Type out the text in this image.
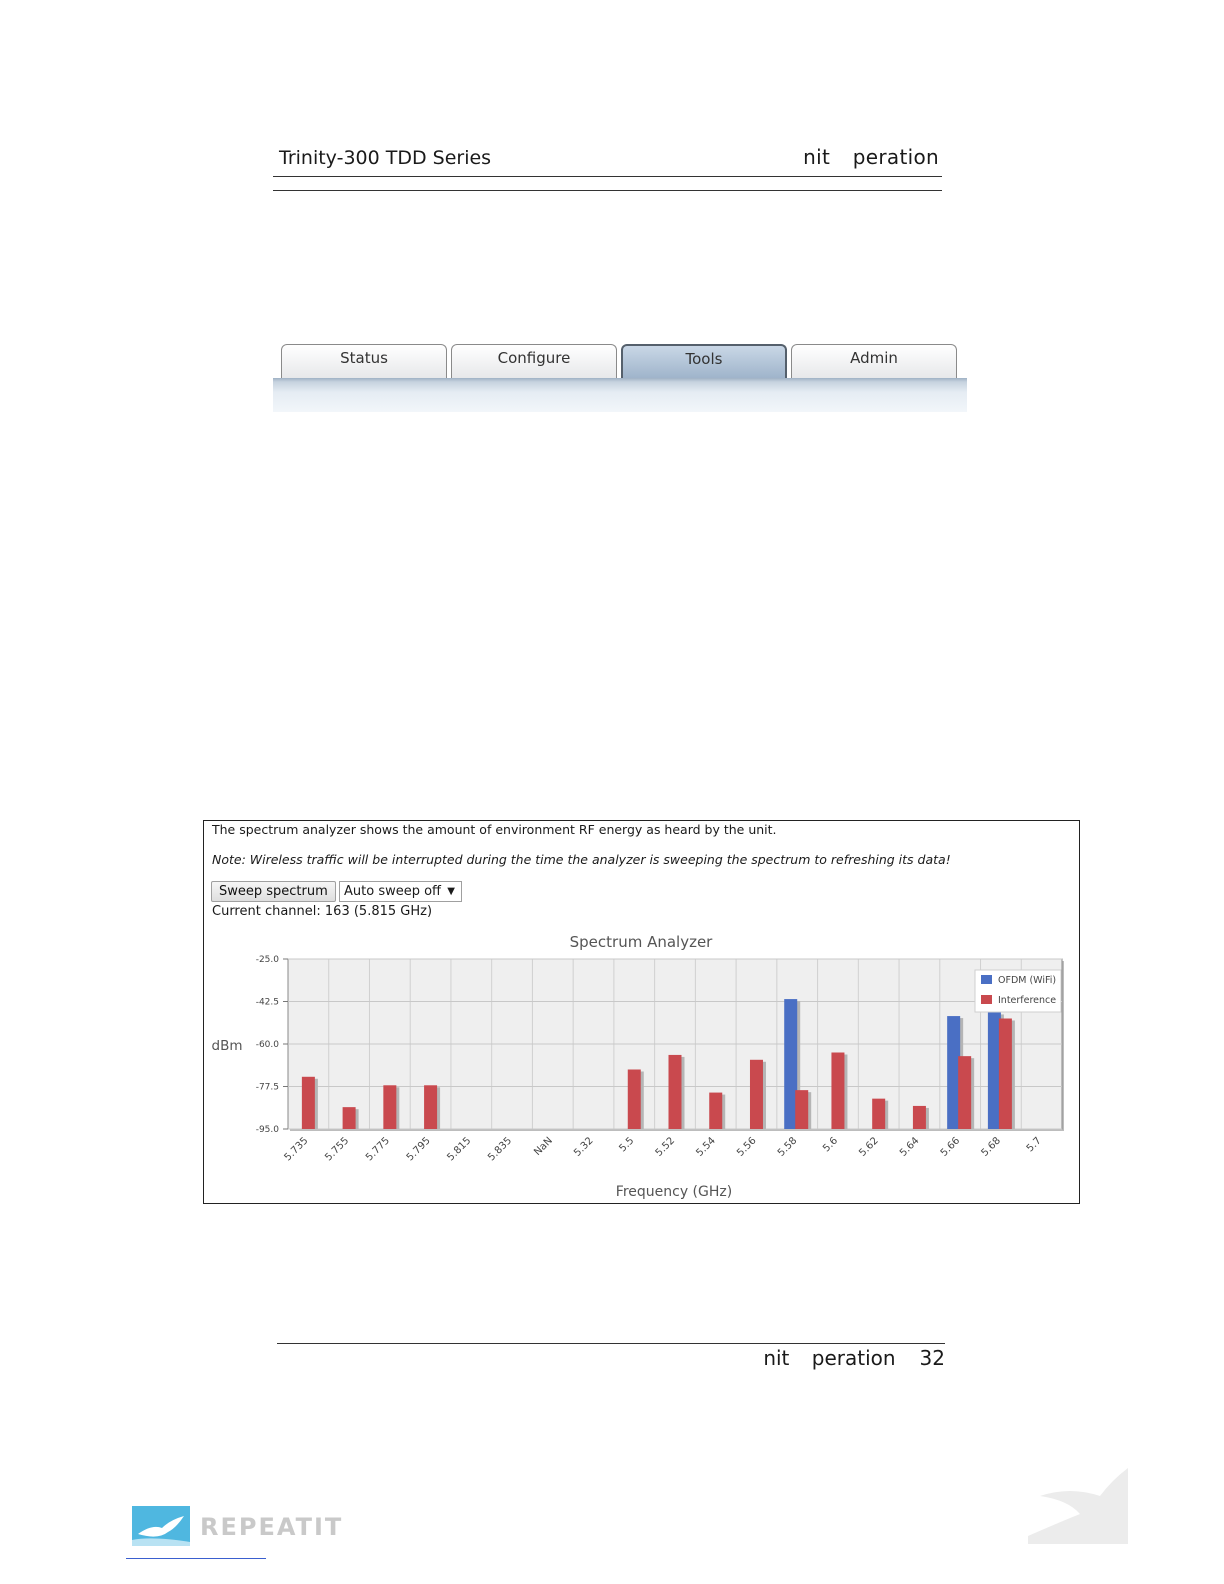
Trinity-300 TDD Series	nit peration
Status	Configure	Tools	Admin
The spectrum analyzer shows the amount of environment RF energy as heard by the unit.
Note: Wireless traffic will be interrupted during the time the analyzer is sweeping the spectrum to refreshing its data!
Sweep spectrum	Auto sweep off ▼
Current channel: 163 (5.815 GHz)
Spectrum Analyzer
dBm
Frequency (GHz)
-25.0
-42.5
-60.0
-77.5
-95.0
5.735 5.755 5.775 5.795 5.815 5.835 NaN 5.32 5.5 5.52 5.54 5.56 5.58 5.6 5.62 5.64 5.66 5.68 5.7
OFDM (WiFi)
Interference
nit peration 32
REPEATIT
